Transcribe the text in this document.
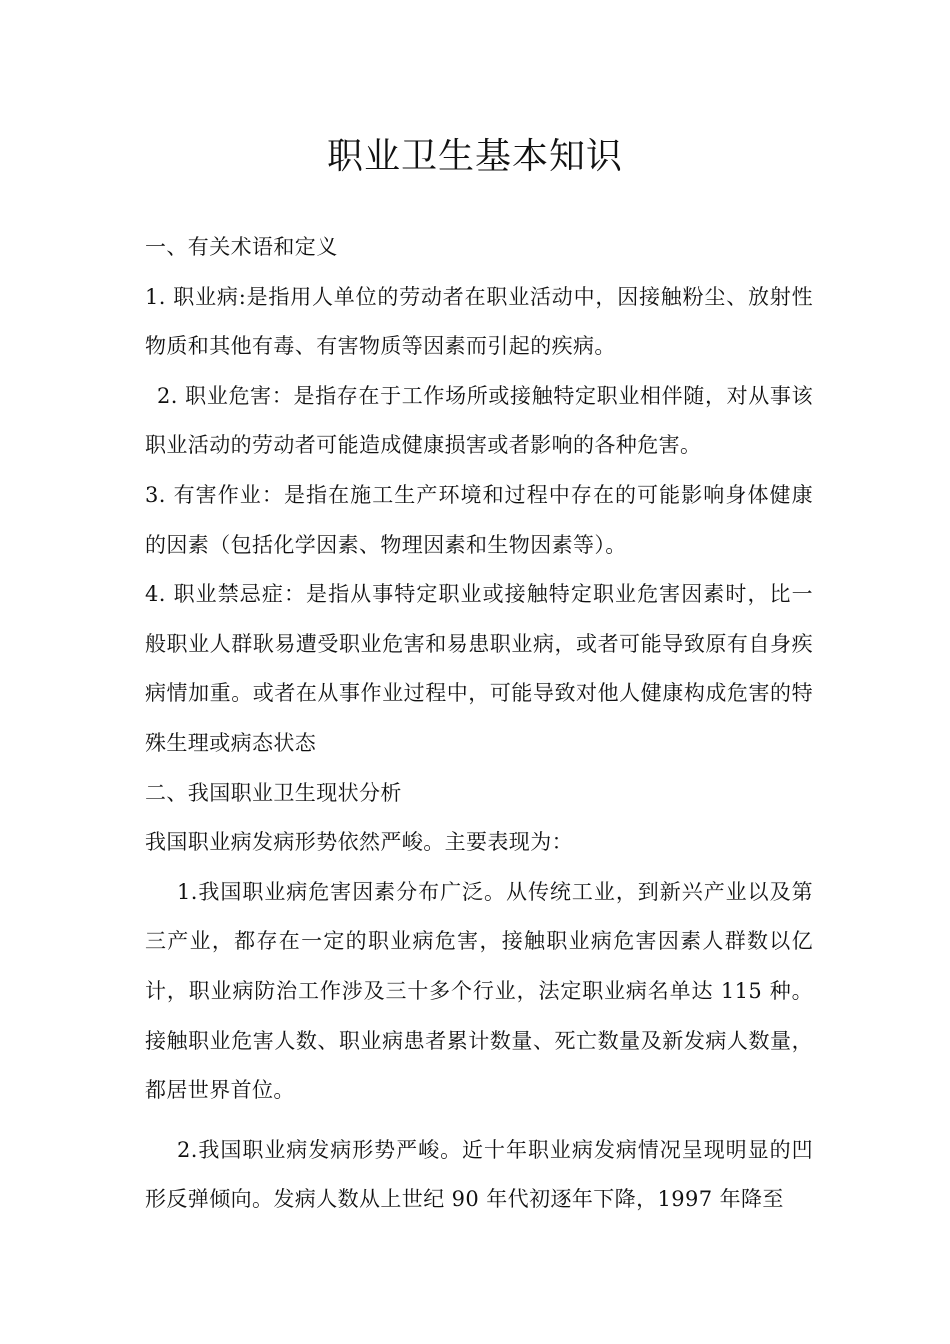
职业卫生基本知识

一、有关术语和定义

1. 职业病:是指用人单位的劳动者在职业活动中，因接触粉尘、放射性物质和其他有毒、有害物质等因素而引起的疾病。

2. 职业危害：是指存在于工作场所或接触特定职业相伴随，对从事该职业活动的劳动者可能造成健康损害或者影响的各种危害。

3. 有害作业：是指在施工生产环境和过程中存在的可能影响身体健康的因素（包括化学因素、物理因素和生物因素等）。

4. 职业禁忌症：是指从事特定职业或接触特定职业危害因素时，比一般职业人群耿易遭受职业危害和易患职业病，或者可能导致原有自身疾病情加重。或者在从事作业过程中，可能导致对他人健康构成危害的特殊生理或病态状态

二、我国职业卫生现状分析

我国职业病发病形势依然严峻。主要表现为：

1.我国职业病危害因素分布广泛。从传统工业，到新兴产业以及第三产业，都存在一定的职业病危害，接触职业病危害因素人群数以亿计，职业病防治工作涉及三十多个行业，法定职业病名单达 115 种。接触职业危害人数、职业病患者累计数量、死亡数量及新发病人数量，都居世界首位。

2.我国职业病发病形势严峻。近十年职业病发病情况呈现明显的凹形反弹倾向。发病人数从上世纪 90 年代初逐年下降，1997 年降至
